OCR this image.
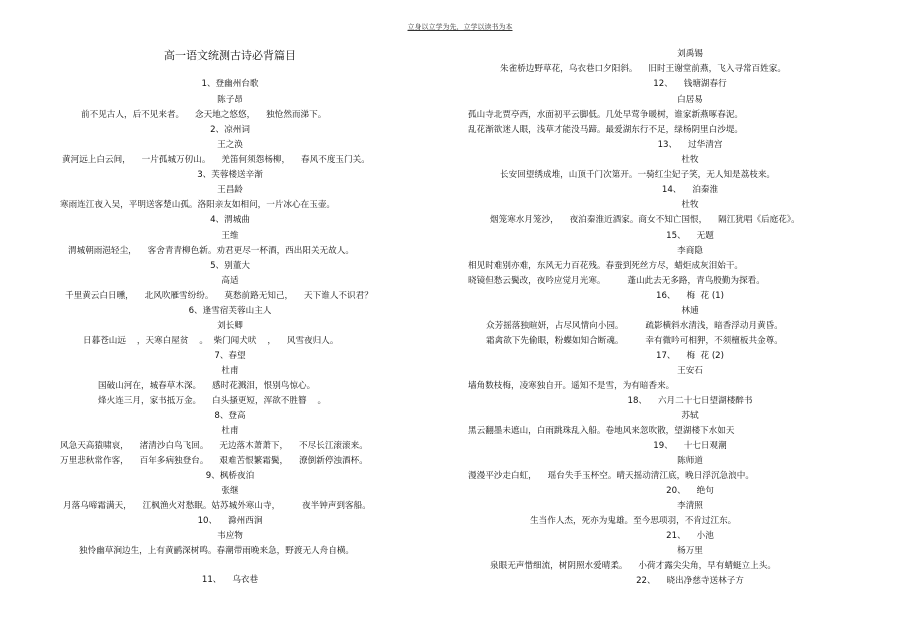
立身以立学为先，立学以读书为本
高一语文统测古诗必背篇目
1、登幽州台歌
陈子昂
前不见古人，后不见来者。    念天地之悠悠，    独怆然而涕下。
2、凉州词
王之涣
黄河远上白云间，    一片孤城万仞山。    羌笛何须怨杨柳，    春风不度玉门关。
3、芙蓉楼送辛渐
王昌龄
寒雨连江夜入吴，平明送客楚山孤。洛阳亲友如相问，一片冰心在玉壶。
4、渭城曲
王维
渭城朝雨浥轻尘，    客舍青青柳色新。劝君更尽一杯酒，西出阳关无故人。
5、别董大
高适
千里黄云白日曛，    北风吹雁雪纷纷。    莫愁前路无知己，    天下谁人不识君？
6、逢雪宿芙蓉山主人
刘长卿
日暮苍山远    ，天寒白屋贫    。  柴门闻犬吠    ，    风雪夜归人。
7、春望
杜甫
国破山河在，城春草木深。    感时花溅泪，恨别鸟惊心。
烽火连三月，家书抵万金。    白头搔更短，浑欲不胜簪    。
8、登高
杜甫
风急天高猿啸哀，    渚清沙白鸟飞回。    无边落木萧萧下，    不尽长江滚滚来。
万里悲秋常作客，    百年多病独登台。    艰难苦恨繁霜鬓，    潦倒新停浊酒杯。
9、枫桥夜泊
张继
月落乌啼霜满天，    江枫渔火对愁眠。姑苏城外寒山寺，        夜半钟声到客船。
10、    滁州西涧
韦应物
独怜幽草涧边生，上有黄鹂深树鸣。春潮带雨晚来急，野渡无人舟自横。
11、    乌衣巷
刘禹锡
朱雀桥边野草花，乌衣巷口夕阳斜。    旧时王谢堂前燕，飞入寻常百姓家。
12、    钱塘湖春行
白居易
孤山寺北贾亭西，水面初平云脚低。几处早莺争暖树，谁家新燕啄春泥。
乱花渐欲迷人眼，浅草才能没马蹄。最爱湖东行不足，绿杨阴里白沙堤。
13、    过华清宫
杜牧
长安回望绣成堆，山顶千门次第开。一骑红尘妃子笑，无人知是荔枝来。
14、    泊秦淮
杜牧
烟笼寒水月笼沙，    夜泊秦淮近酒家。商女不知亡国恨，    隔江犹唱《后庭花》。
15、    无题
李商隐
相见时难别亦难，东风无力百花残。春蚕到死丝方尽，蜡炬成灰泪始干。
晓镜但愁云鬓改，夜吟应觉月光寒。        蓬山此去无多路，青鸟殷勤为探看。
16、    梅  花 (1)
林逋
众芳摇落独暄妍，占尽风情向小园。        疏影横斜水清浅，暗香浮动月黄昏。
霜禽欲下先偷眼，粉蝶如知合断魂。        幸有微吟可相狎，不须檀板共金尊。
17、    梅  花 (2)
王安石
墙角数枝梅，凌寒独自开。遥知不是雪，为有暗香来。
18、    六月二十七日望湖楼醉书
苏轼
黑云翻墨未遮山，白雨跳珠乱入船。卷地风来忽吹散，望湖楼下水如天
19、    十七日观潮
陈师道
漫漫平沙走白虹，    瑶台失手玉杯空。晴天摇动清江底，晚日浮沉急浪中。
20、    绝句
李清照
生当作人杰，死亦为鬼雄。至今思项羽，不肯过江东。
21、    小池
杨万里
泉眼无声惜细流，树阴照水爱晴柔。    小荷才露尖尖角，早有蜻蜓立上头。
22、    晓出净慈寺送林子方
